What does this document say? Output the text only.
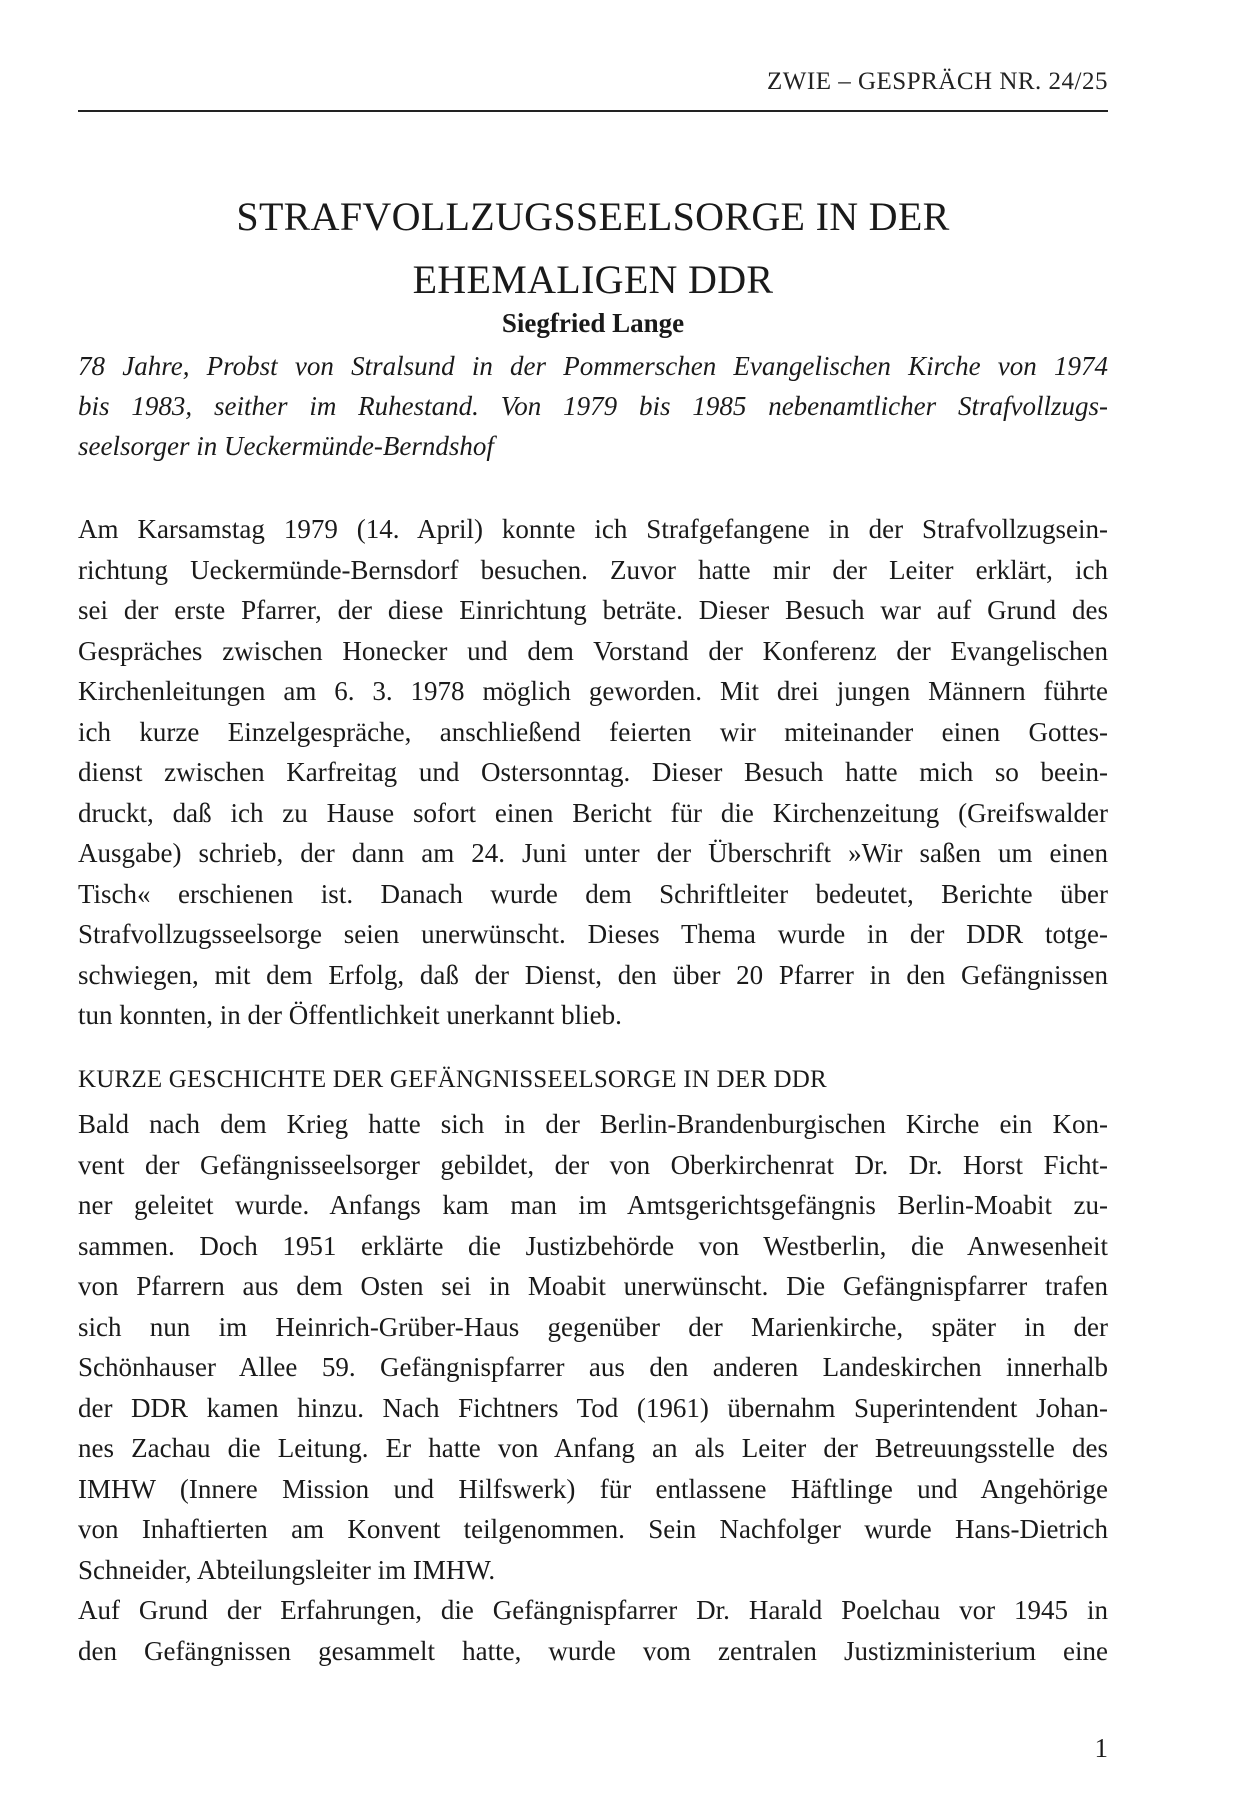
ZWIE – GESPRÄCH NR. 24/25
STRAFVOLLZUGSSEELSORGE IN DER
EHEMALIGEN DDR
Siegfried Lange

78 Jahre, Probst von Stralsund in der Pommerschen Evangelischen Kirche von 1974
bis 1983, seither im Ruhestand. Von 1979 bis 1985 nebenamtlicher Strafvollzugs-
seelsorger in Ueckermünde-Berndshof

Am Karsamstag 1979 (14. April) konnte ich Strafgefangene in der Strafvollzugsein-
richtung Ueckermünde-Bernsdorf besuchen. Zuvor hatte mir der Leiter erklärt, ich
sei der erste Pfarrer, der diese Einrichtung beträte. Dieser Besuch war auf Grund des
Gespräches zwischen Honecker und dem Vorstand der Konferenz der Evangelischen
Kirchenleitungen am 6. 3. 1978 möglich geworden. Mit drei jungen Männern führte
ich kurze Einzelgespräche, anschließend feierten wir miteinander einen Gottes-
dienst zwischen Karfreitag und Ostersonntag. Dieser Besuch hatte mich so beein-
druckt, daß ich zu Hause sofort einen Bericht für die Kirchenzeitung (Greifswalder
Ausgabe) schrieb, der dann am 24. Juni unter der Überschrift »Wir saßen um einen
Tisch« erschienen ist. Danach wurde dem Schriftleiter bedeutet, Berichte über
Strafvollzugsseelsorge seien unerwünscht. Dieses Thema wurde in der DDR totge-
schwiegen, mit dem Erfolg, daß der Dienst, den über 20 Pfarrer in den Gefängnissen
tun konnten, in der Öffentlichkeit unerkannt blieb.

KURZE GESCHICHTE DER GEFÄNGNISSEELSORGE IN DER DDR

Bald nach dem Krieg hatte sich in der Berlin-Brandenburgischen Kirche ein Kon-
vent der Gefängnisseelsorger gebildet, der von Oberkirchenrat Dr. Dr. Horst Ficht-
ner geleitet wurde. Anfangs kam man im Amtsgerichtsgefängnis Berlin-Moabit zu-
sammen. Doch 1951 erklärte die Justizbehörde von Westberlin, die Anwesenheit
von Pfarrern aus dem Osten sei in Moabit unerwünscht. Die Gefängnispfarrer trafen
sich nun im Heinrich-Grüber-Haus gegenüber der Marienkirche, später in der
Schönhauser Allee 59. Gefängnispfarrer aus den anderen Landeskirchen innerhalb
der DDR kamen hinzu. Nach Fichtners Tod (1961) übernahm Superintendent Johan-
nes Zachau die Leitung. Er hatte von Anfang an als Leiter der Betreuungsstelle des
IMHW (Innere Mission und Hilfswerk) für entlassene Häftlinge und Angehörige
von Inhaftierten am Konvent teilgenommen. Sein Nachfolger wurde Hans-Dietrich
Schneider, Abteilungsleiter im IMHW.

Auf Grund der Erfahrungen, die Gefängnispfarrer Dr. Harald Poelchau vor 1945 in
den Gefängnissen gesammelt hatte, wurde vom zentralen Justizministerium eine

1
